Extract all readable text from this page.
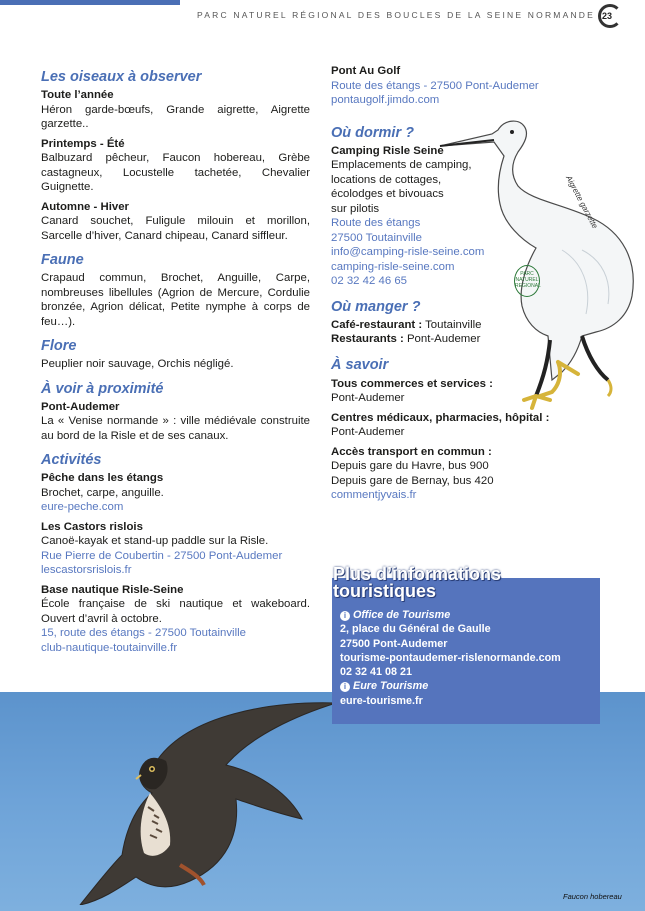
PARC NATUREL RÉGIONAL DES BOUCLES DE LA SEINE NORMANDE 23
Les oiseaux à observer
Toute l’année
Héron garde-bœufs, Grande aigrette, Aigrette garzette..
Printemps - Été
Balbuzard pêcheur, Faucon hobereau, Grèbe castagneux, Locustelle tachetée, Chevalier Guignette.
Automne - Hiver
Canard souchet, Fuligule milouin et morillon, Sarcelle d’hiver, Canard chipeau, Canard siffleur.
Faune
Crapaud commun, Brochet, Anguille, Carpe, nombreuses libellules (Agrion de Mercure, Cordulie bronzée, Agrion délicat, Petite nymphe à corps de feu…).
Flore
Peuplier noir sauvage, Orchis négligé.
À voir à proximité
Pont-Audemer
La « Venise normande » : ville médiévale construite au bord de la Risle et de ses canaux.
Activités
Pêche dans les étangs
Brochet, carpe, anguille.
eure-peche.com
Les Castors rislois
Canoë-kayak et stand-up paddle sur la Risle.
Rue Pierre de Coubertin - 27500 Pont-Audemer
lescastorsrislois.fr
Base nautique Risle-Seine
École française de ski nautique et wakeboard. Ouvert d’avril à octobre.
15, route des étangs - 27500 Toutainville
club-nautique-toutainville.fr
Aigrette garzette
PARC NATUREL REGIONAL
Pont Au Golf
Route des étangs - 27500 Pont-Audemer
pontaugolf.jimdo.com
Où dormir ?
Camping Risle Seine
Emplacements de camping,
locations de cottages,
écolodges et bivouacs
sur pilotis
Route des étangs
27500 Toutainville
info@camping-risle-seine.com
camping-risle-seine.com
02 32 42 46 65
Où manger ?
Café-restaurant : Toutainville
Restaurants : Pont-Audemer
À savoir
Tous commerces et services :
Pont-Audemer
Centres médicaux, pharmacies, hôpital :
Pont-Audemer
Accès transport en commun :
Depuis gare du Havre, bus 900
Depuis gare de Bernay, bus 420
commentjyvais.fr
Faucon hobereau
Plus d’informations
touristiques
i Office de Tourisme
2, place du Général de Gaulle
27500 Pont-Audemer
tourisme-pontaudemer-rislenormande.com
02 32 41 08 21
i Eure Tourisme
eure-tourisme.fr
